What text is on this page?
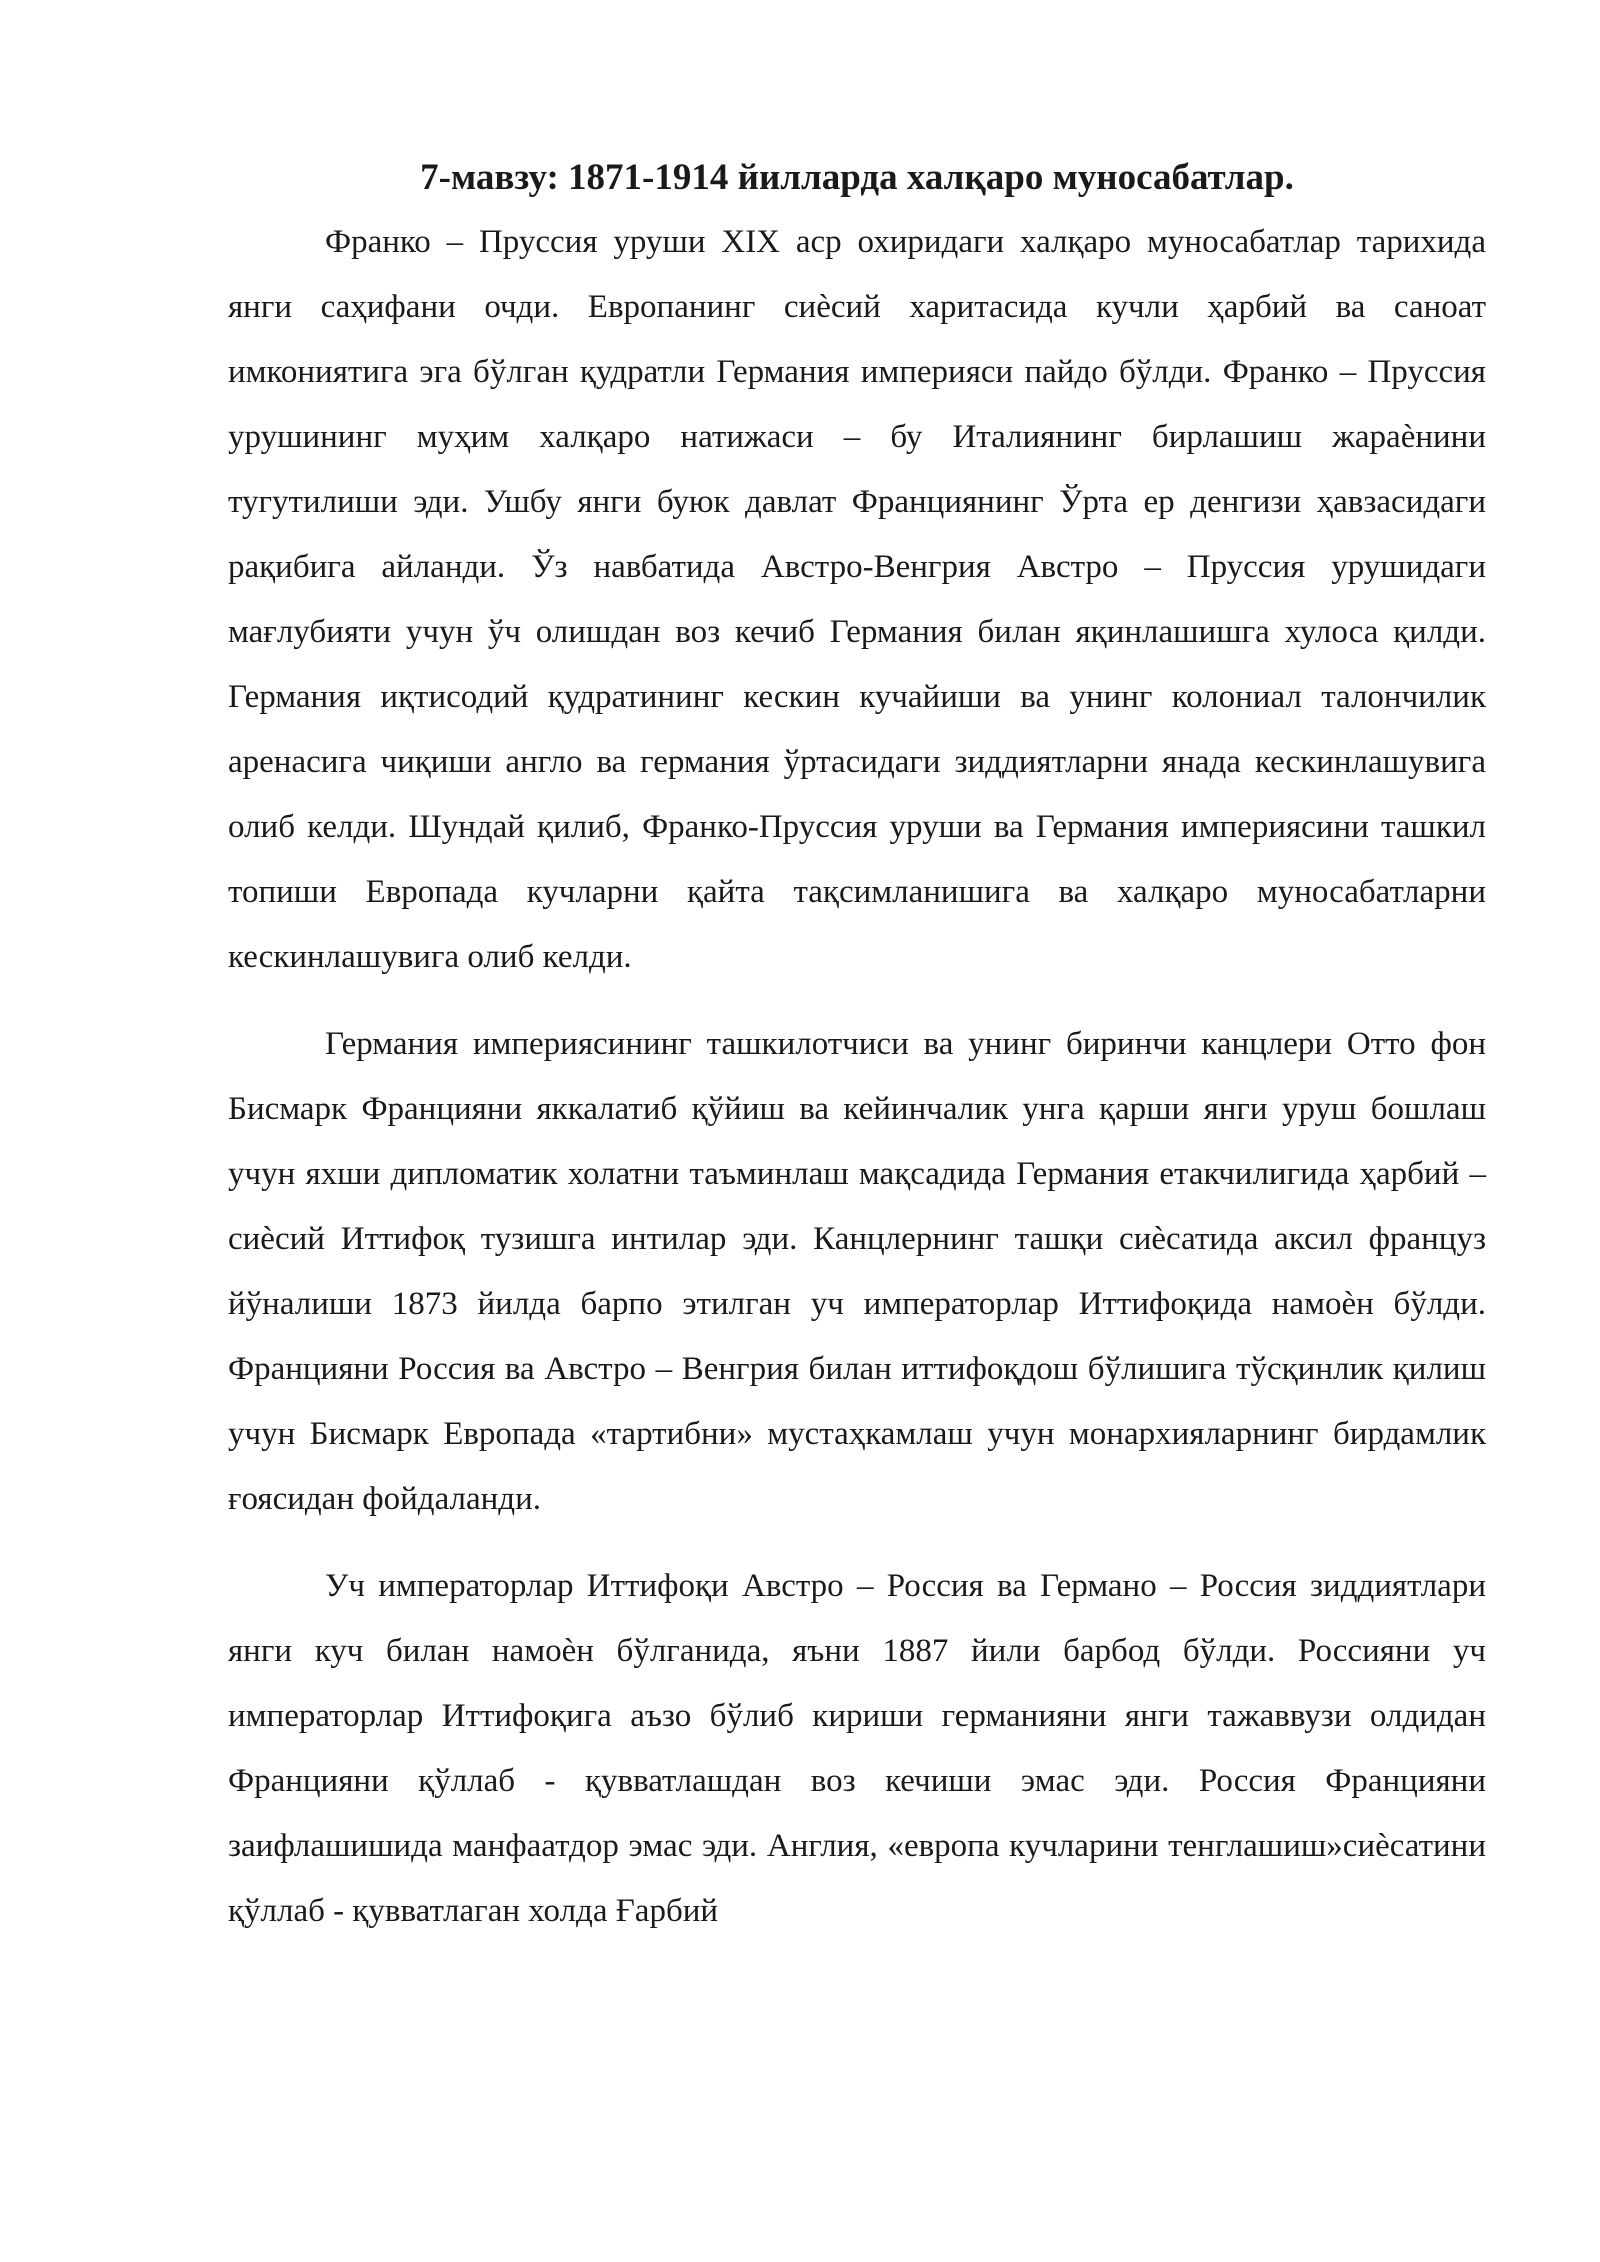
7-мавзу: 1871-1914 йилларда халқаро муносабатлар.

Франко – Пруссия уруши XIX аср охиридаги халқаро муносабатлар тарихида янги саҳифани очди. Европанинг сиѐсий харитасида кучли ҳарбий ва саноат имкониятига эга бўлган қудратли Германия империяси пайдо бўлди. Франко – Пруссия урушининг муҳим халқаро натижаси – бу Италиянинг бирлашиш жараѐнини тугутилиши эди. Ушбу янги буюк давлат Франциянинг Ўрта ер денгизи ҳавзасидаги рақибига айланди. Ўз навбатида Австро-Венгрия Австро – Пруссия урушидаги мағлубияти учун ўч олишдан воз кечиб Германия билан яқинлашишга хулоса қилди. Германия иқтисодий қудратининг кескин кучайиши ва унинг колониал талончилик аренасига чиқиши англо ва германия ўртасидаги зиддиятларни янада кескинлашувига олиб келди. Шундай қилиб, Франко-Пруссия уруши ва Германия империясини ташкил топиши Европада кучларни қайта тақсимланишига ва халқаро муносабатларни кескинлашувига олиб келди.

Германия империясининг ташкилотчиси ва унинг биринчи канцлери Отто фон Бисмарк Францияни яккалатиб қўйиш ва кейинчалик унга қарши янги уруш бошлаш учун яхши дипломатик холатни таъминлаш мақсадида Германия етакчилигида ҳарбий – сиѐсий Иттифоқ тузишга интилар эди. Канцлернинг ташқи сиѐсатида аксил француз йўналиши 1873 йилда барпо этилган уч императорлар Иттифоқида намоѐн бўлди. Францияни Россия ва Австро – Венгрия билан иттифоқдош бўлишига тўсқинлик қилиш учун Бисмарк Европада «тартибни» мустаҳкамлаш учун монархияларнинг бирдамлик ғоясидан фойдаланди.

Уч императорлар Иттифоқи Австро – Россия ва Германо – Россия зиддиятлари янги куч билан намоѐн бўлганида, яъни 1887 йили барбод бўлди. Россияни уч императорлар Иттифоқига аъзо бўлиб кириши германияни янги тажаввузи олдидан Францияни қўллаб - қувватлашдан воз кечиши эмас эди. Россия Францияни заифлашишида манфаатдор эмас эди. Англия, «европа кучларини тенглашиш»сиѐсатини қўллаб - қувватлаган холда Ғарбий
